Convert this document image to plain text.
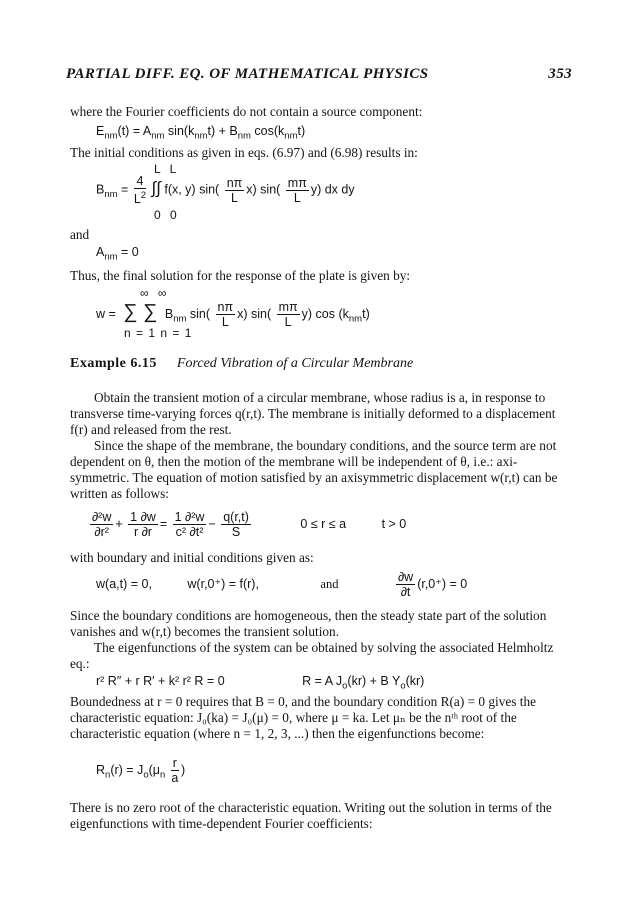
PARTIAL DIFF. EQ. OF MATHEMATICAL PHYSICS	353
where the Fourier coefficients do not contain a source component:
$E_{nm}(t) = A_{nm}$ $\sin(k_{nm}t) + B_{nm}$ $\cos(k_{nm}t)$
The initial conditions as given in eqs. (6.97) and (6.98) results in:
L L
$B_{nm} = \frac{4}{L^2}$ ∫∫ f(x, y) $\sin( \frac{n\pi}{L} x)$ $\sin( \frac{m\pi}{L} y)$ dx dy
0 0
and
$A_{nm} = 0$
Thus, the final solution for the response of the plate is given by:
∞ ∞
w = ∑ ∑ $B_{nm}$ $\sin( \frac{n\pi}{L} x)$ $\sin( \frac{m\pi}{L} y)$ $\cos (k_{nm}t)$
n = 1 n = 1
Example 6.15 Forced Vibration of a Circular Membrane
Obtain the transient motion of a circular membrane, whose radius is a, in response to transverse time-varying forces q(r,t). The membrane is initially deformed to a displacement f(r) and released from the rest.
Since the shape of the membrane, the boundary conditions, and the source term are not dependent on θ, then the motion of the membrane will be independent of θ, i.e.: axi-symmetric. The equation of motion satisfied by an axisymmetric displacement w(r,t) can be written as follows:
$\frac{\text{∂²w}}{\text{∂r²}} + \frac{1 \partial w}{r \partial r} = \frac{\text{1 ∂²w}}{\text{c² ∂t²}} - \frac{q(r,t)}{S}$	0 ≤ r ≤ a	t > 0
with boundary and initial conditions given as:
w(a,t) = 0,	w(r,0⁺) = f(r),	and	$\frac{\partial w}{\partial t} (r,0^+) = 0$
Since the boundary conditions are homogeneous, then the steady state part of the solution vanishes and w(r,t) becomes the transient solution.
The eigenfunctions of the system can be obtained by solving the associated Helmholtz eq.:
r² R″ + r R′ + k² r² R = 0	R = A $J_o(kr) + B$ $Y_o(kr)$
Boundedness at r = 0 requires that B = 0, and the boundary condition R(a) = 0 gives the characteristic equation: J₀(ka) = J₀(μ) = 0, where μ = ka. Let μₙ be the nᵗʰ root of the characteristic equation (where n = 1, 2, 3, ...) then the eigenfunctions become:
$R_n(r) = J_o(\mu_n \frac{r}{a}$ )
There is no zero root of the characteristic equation. Writing out the solution in terms of the eigenfunctions with time-dependent Fourier coefficients:
